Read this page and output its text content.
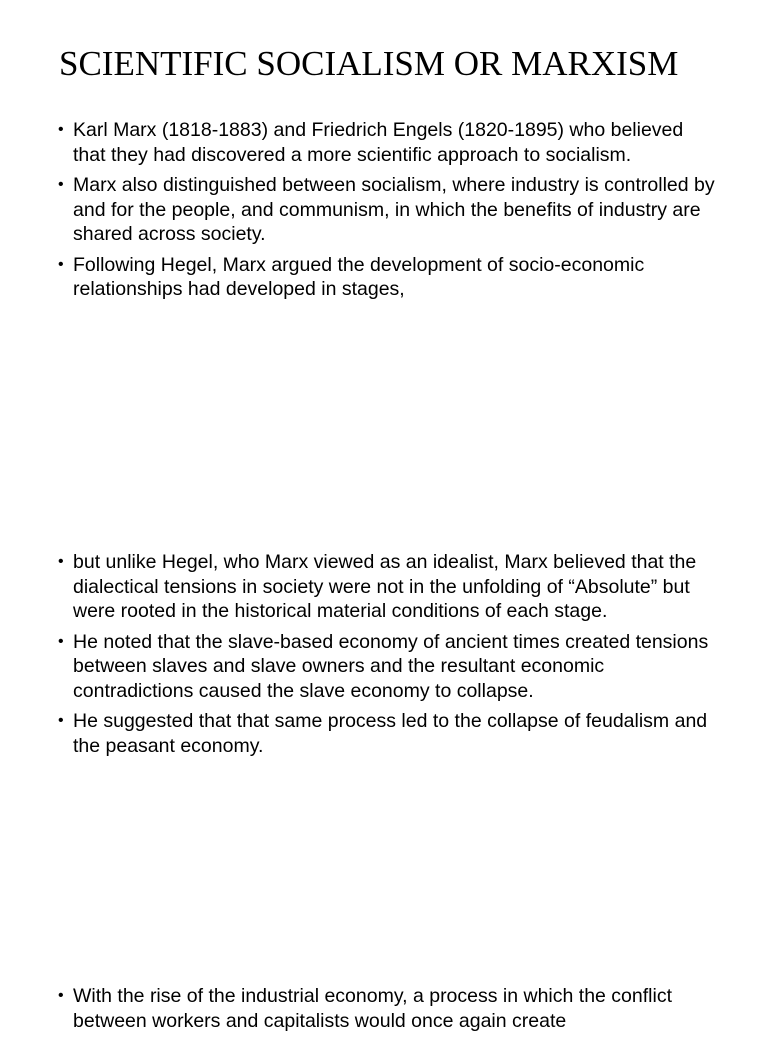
SCIENTIFIC SOCIALISM OR MARXISM
• Karl Marx (1818-1883) and Friedrich Engels (1820-1895) who believed that they had discovered a more scientific approach to socialism.
• Marx also distinguished between socialism, where industry is controlled by and for the people, and communism, in which the benefits of industry are shared across society.
• Following Hegel, Marx argued the development of socio-economic relationships had developed in stages,
• but unlike Hegel, who Marx viewed as an idealist, Marx believed that the dialectical tensions in society were not in the unfolding of “Absolute” but were rooted in the historical material conditions of each stage.
• He noted that the slave-based economy of ancient times created tensions between slaves and slave owners and the resultant economic contradictions caused the slave economy to collapse.
• He suggested that that same process led to the collapse of feudalism and the peasant economy.
• With the rise of the industrial economy, a process in which the conflict between workers and capitalists would once again create
